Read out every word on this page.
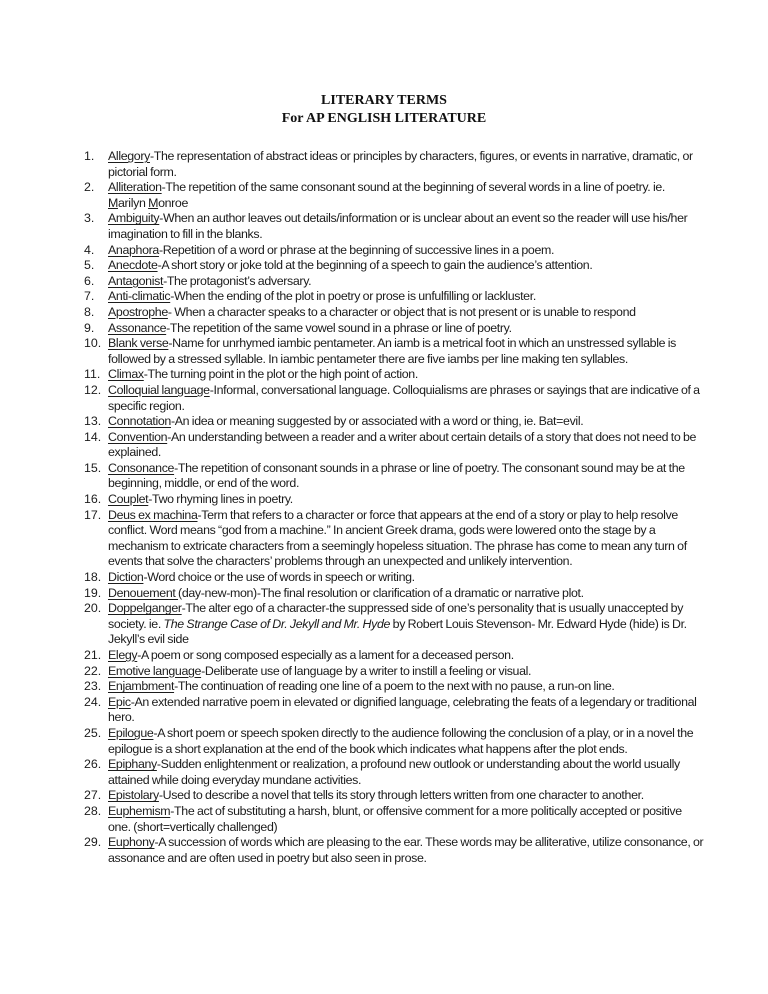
LITERARY TERMS
For AP ENGLISH LITERATURE
1.	Allegory-The representation of abstract ideas or principles by characters, figures, or events in narrative, dramatic, or pictorial form.
2.	Alliteration-The repetition of the same consonant sound at the beginning of several words in a line of poetry. ie. Marilyn Monroe
3.	Ambiguity-When an author leaves out details/information or is unclear about an event so the reader will use his/her imagination to fill in the blanks.
4.	Anaphora-Repetition of a word or phrase at the beginning of successive lines in a poem.
5.	Anecdote-A short story or joke told at the beginning of a speech to gain the audience’s attention.
6.	Antagonist-The protagonist’s adversary.
7.	Anti-climatic-When the ending of the plot in poetry or prose is unfulfilling or lackluster.
8.	Apostrophe- When a character speaks to a character or object that is not present or is unable to respond
9.	Assonance-The repetition of the same vowel sound in a phrase or line of poetry.
10. Blank verse-Name for unrhymed iambic pentameter. An iamb is a metrical foot in which an unstressed syllable is followed by a stressed syllable. In iambic pentameter there are five iambs per line making ten syllables.
11. Climax-The turning point in the plot or the high point of action.
12. Colloquial language-Informal, conversational language. Colloquialisms are phrases or sayings that are indicative of a specific region.
13. Connotation-An idea or meaning suggested by or associated with a word or thing, ie. Bat=evil.
14. Convention-An understanding between a reader and a writer about certain details of a story that does not need to be explained.
15. Consonance-The repetition of consonant sounds in a phrase or line of poetry. The consonant sound may be at the beginning, middle, or end of the word.
16. Couplet-Two rhyming lines in poetry.
17. Deus ex machina-Term that refers to a character or force that appears at the end of a story or play to help resolve conflict. Word means “god from a machine.” In ancient Greek drama, gods were lowered onto the stage by a mechanism to extricate characters from a seemingly hopeless situation. The phrase has come to mean any turn of events that solve the characters’ problems through an unexpected and unlikely intervention.
18. Diction-Word choice or the use of words in speech or writing.
19. Denouement (day-new-mon)-The final resolution or clarification of a dramatic or narrative plot.
20. Doppelganger-The alter ego of a character-the suppressed side of one’s personality that is usually unaccepted by society. ie. The Strange Case of Dr. Jekyll and Mr. Hyde by Robert Louis Stevenson- Mr. Edward Hyde (hide) is Dr. Jekyll’s evil side
21. Elegy-A poem or song composed especially as a lament for a deceased person.
22. Emotive language-Deliberate use of language by a writer to instill a feeling or visual.
23. Enjambment-The continuation of reading one line of a poem to the next with no pause, a run-on line.
24. Epic-An extended narrative poem in elevated or dignified language, celebrating the feats of a legendary or traditional hero.
25. Epilogue-A short poem or speech spoken directly to the audience following the conclusion of a play, or in a novel the epilogue is a short explanation at the end of the book which indicates what happens after the plot ends.
26. Epiphany-Sudden enlightenment or realization, a profound new outlook or understanding about the world usually attained while doing everyday mundane activities.
27. Epistolary-Used to describe a novel that tells its story through letters written from one character to another.
28. Euphemism-The act of substituting a harsh, blunt, or offensive comment for a more politically accepted or positive one. (short=vertically challenged)
29. Euphony-A succession of words which are pleasing to the ear. These words may be alliterative, utilize consonance, or assonance and are often used in poetry but also seen in prose.
